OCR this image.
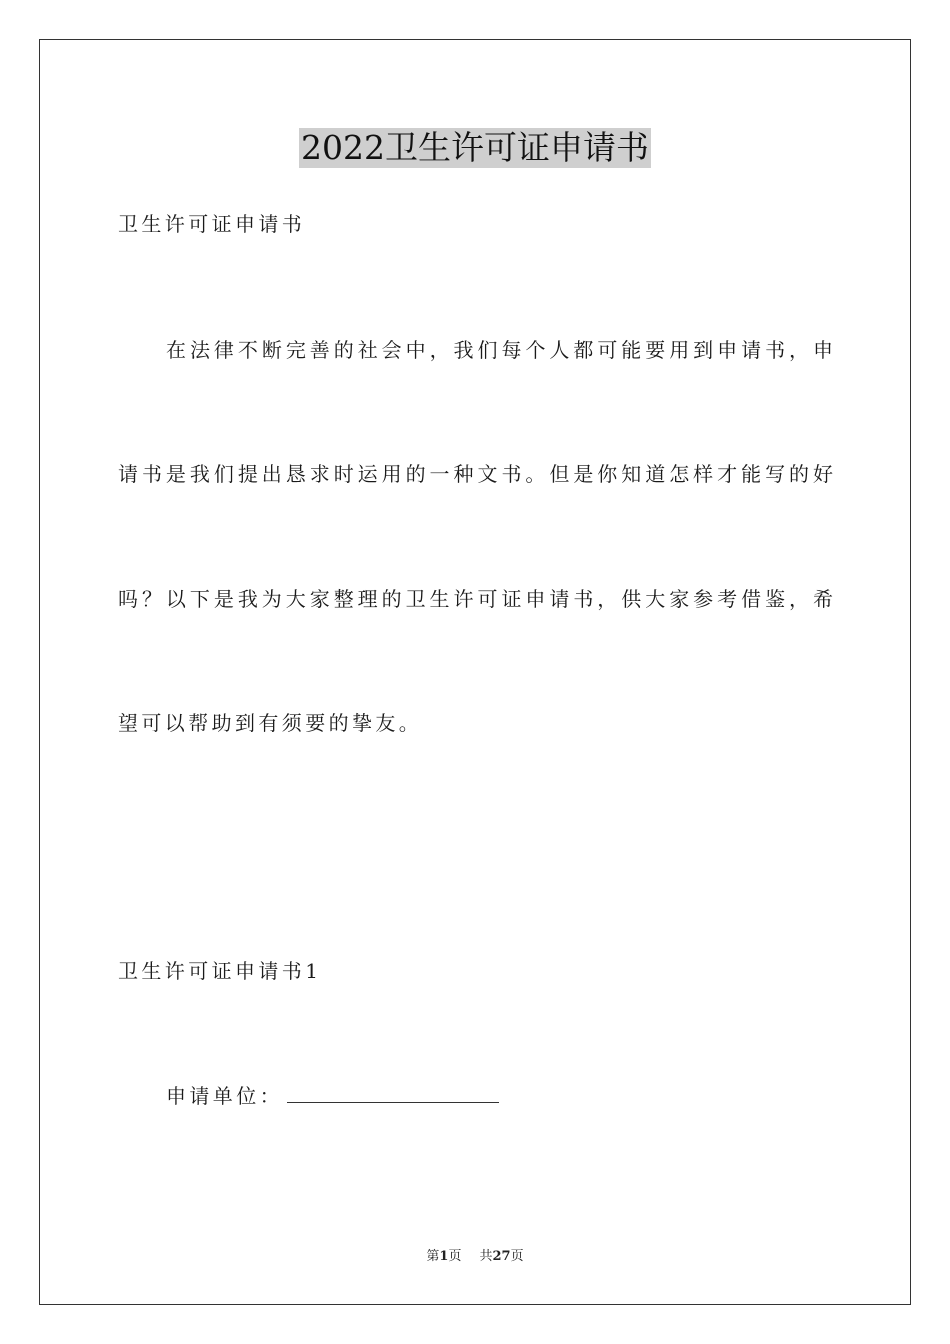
2022卫生许可证申请书
卫生许可证申请书
在法律不断完善的社会中，我们每个人都可能要用到申请书，申
请书是我们提出恳求时运用的一种文书。但是你知道怎样才能写的好
吗？以下是我为大家整理的卫生许可证申请书，供大家参考借鉴，希
望可以帮助到有须要的挚友。
卫生许可证申请书1
申请单位：
第1页 共27页
